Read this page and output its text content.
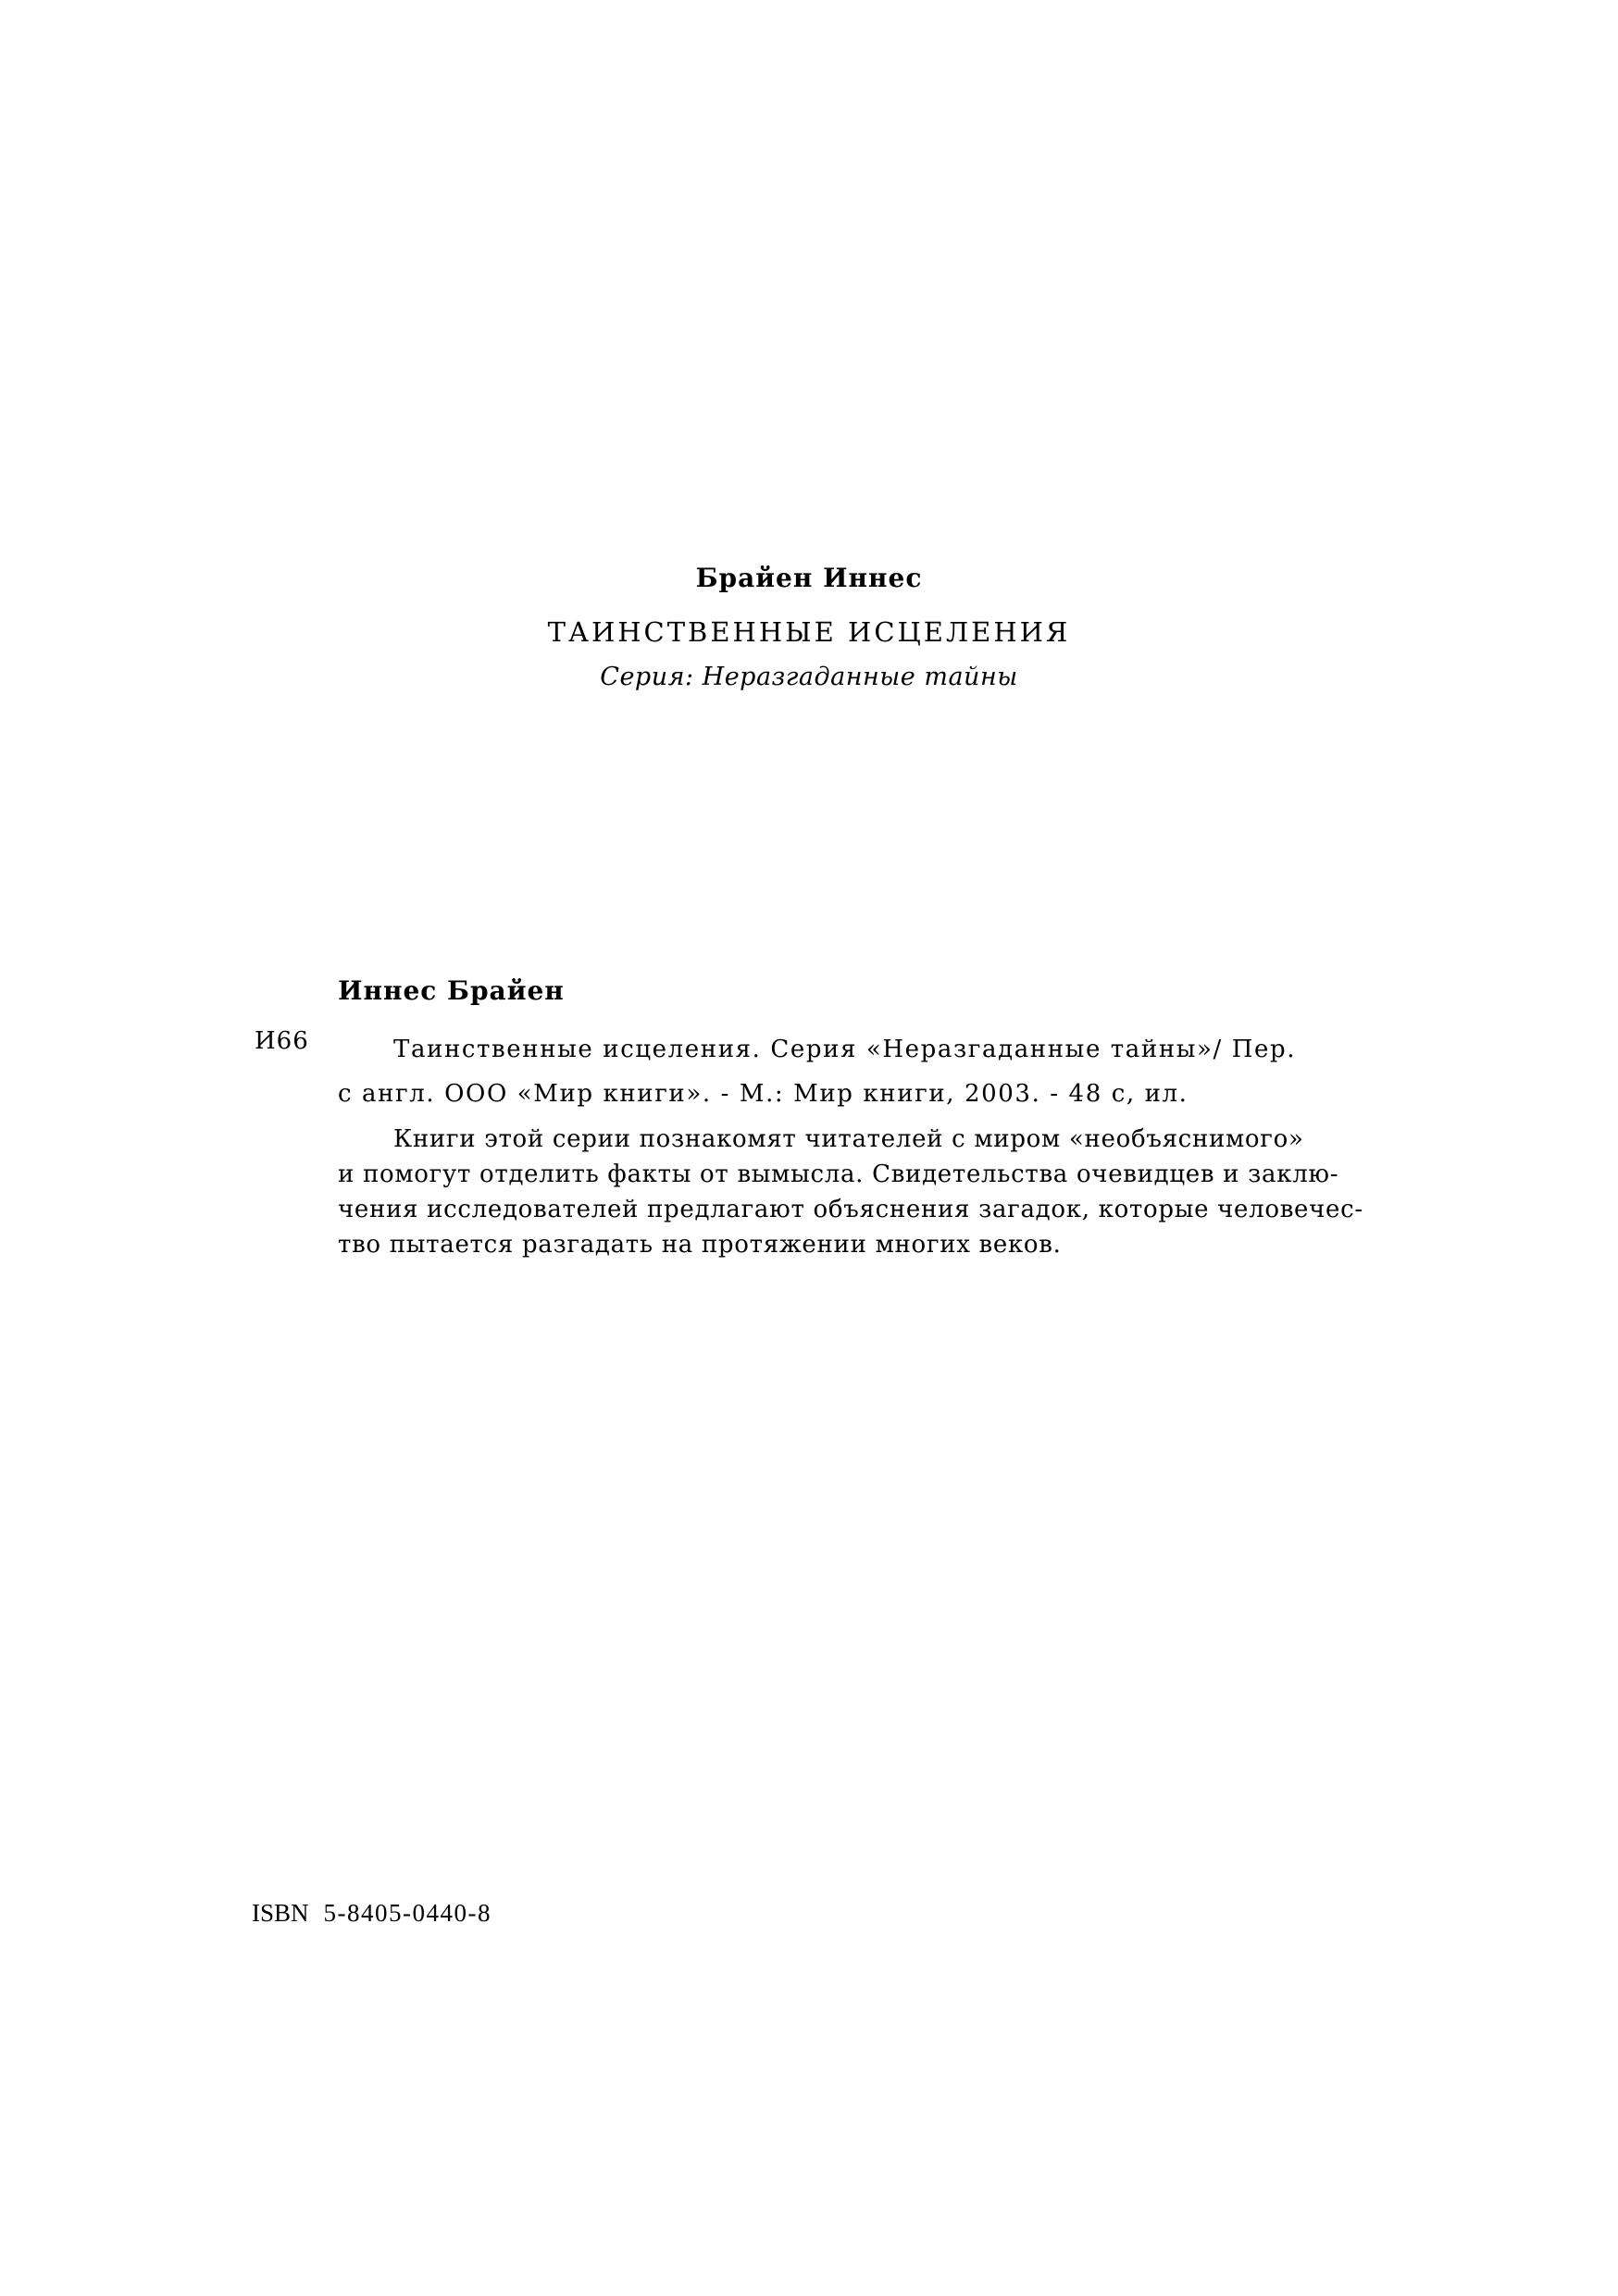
Брайен Иннес
ТАИНСТВЕННЫЕ ИСЦЕЛЕНИЯ
Серия: Неразгаданные тайны
Иннес Брайен
И66	Таинственные исцеления. Серия «Неразгаданные тайны»/ Пер.
с англ. ООО «Мир книги». - М.: Мир книги, 2003. - 48 с, ил.
Книги этой серии познакомят читателей с миром «необъяснимого»
и помогут отделить факты от вымысла. Свидетельства очевидцев и заклю-
чения исследователей предлагают объяснения загадок, которые человечес-
тво пытается разгадать на протяжении многих веков.
ISBN 5-8405-0440-8
